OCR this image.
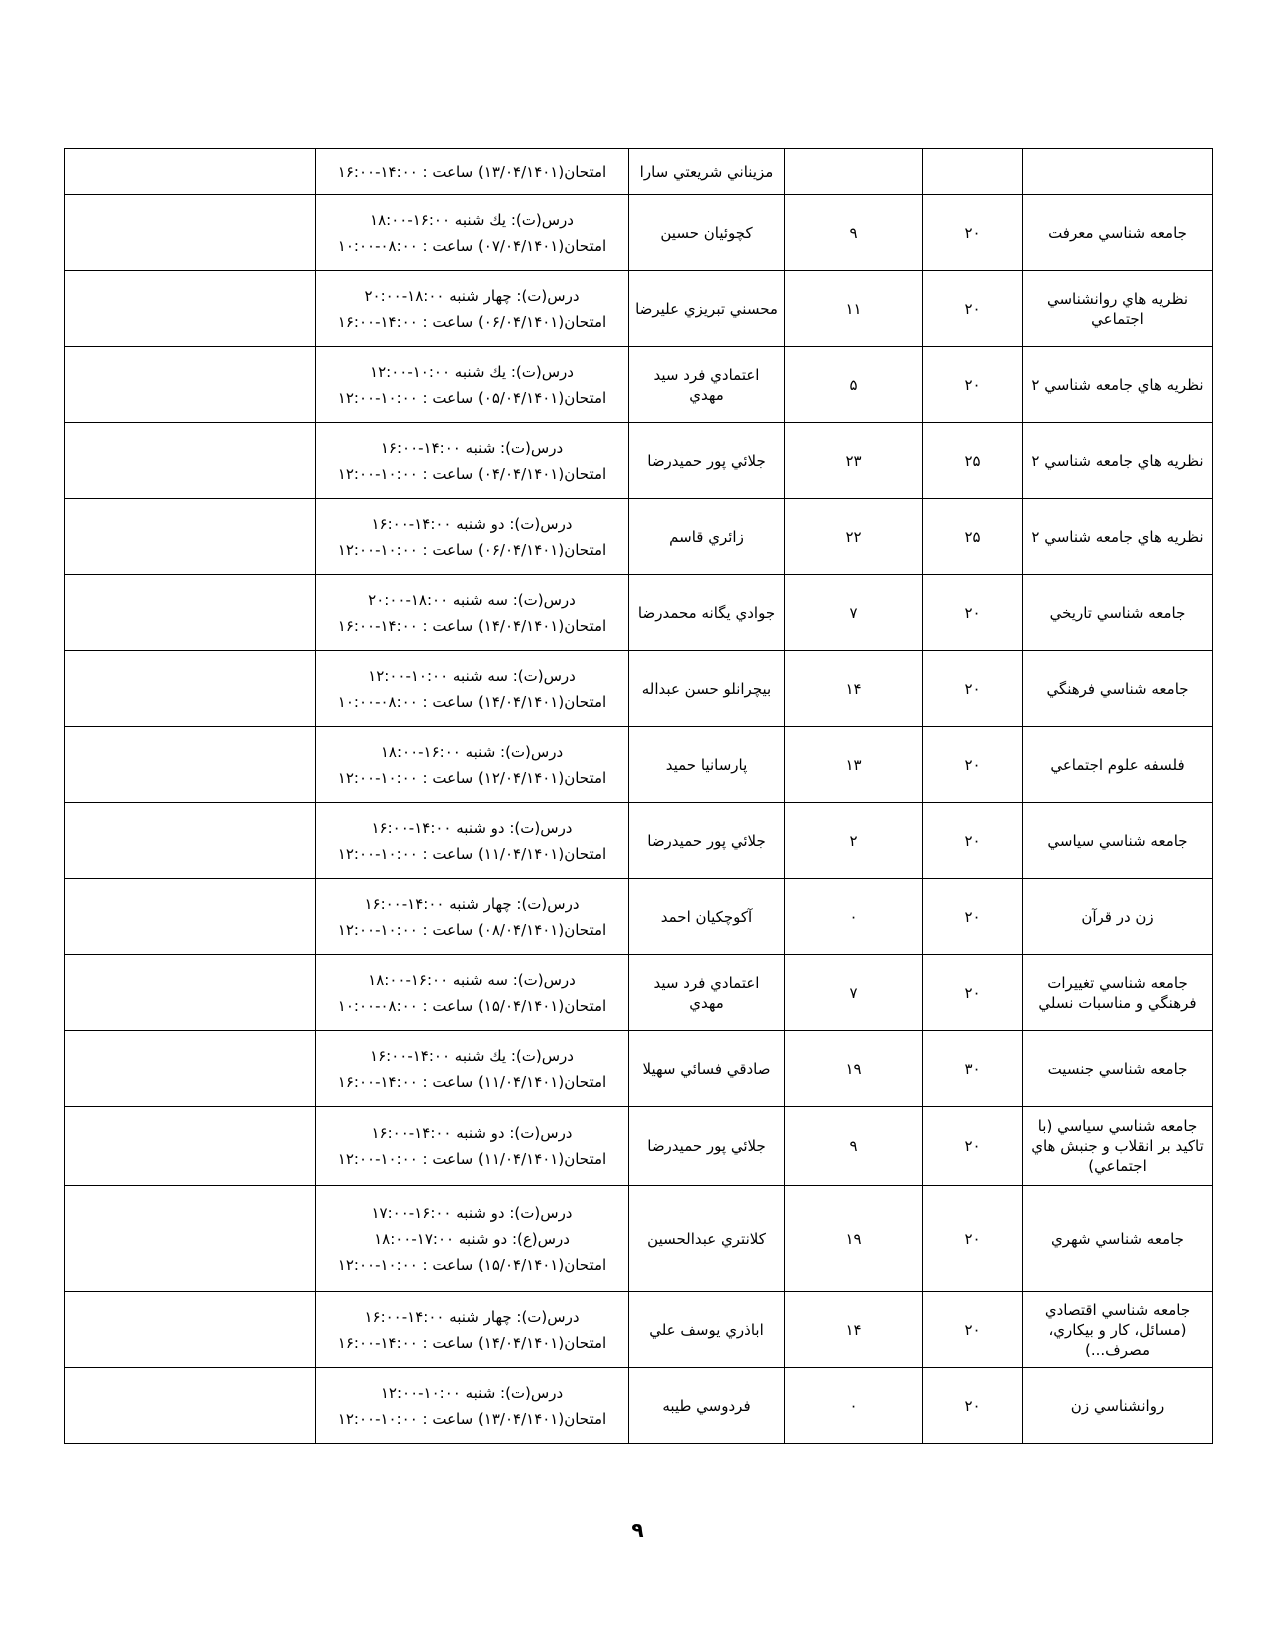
			مزيناني شريعتي سارا	امتحان(۱۳/۰۴/۱۴۰۱) ساعت : ۱۴:۰۰-۱۶:۰۰	

جامعه شناسي معرفت	۲۰	۹	كچوئيان حسين	درس(ت): يك شنبه ۱۶:۰۰-۱۸:۰۰
امتحان(۰۷/۰۴/۱۴۰۱) ساعت : ۰۸:۰۰-۱۰:۰۰	

نظريه هاي روانشناسي اجتماعي	۲۰	۱۱	محسني تبريزي عليرضا	درس(ت): چهار شنبه ۱۸:۰۰-۲۰:۰۰
امتحان(۰۶/۰۴/۱۴۰۱) ساعت : ۱۴:۰۰-۱۶:۰۰	

نظريه هاي جامعه شناسي ۲	۲۰	۵	اعتمادي فرد سيد مهدي	درس(ت): يك شنبه ۱۰:۰۰-۱۲:۰۰
امتحان(۰۵/۰۴/۱۴۰۱) ساعت : ۱۰:۰۰-۱۲:۰۰	

نظريه هاي جامعه شناسي ۲	۲۵	۲۳	جلائي پور حميدرضا	درس(ت): شنبه ۱۴:۰۰-۱۶:۰۰
امتحان(۰۴/۰۴/۱۴۰۱) ساعت : ۱۰:۰۰-۱۲:۰۰	

نظريه هاي جامعه شناسي ۲	۲۵	۲۲	زائري قاسم	درس(ت): دو شنبه ۱۴:۰۰-۱۶:۰۰
امتحان(۰۶/۰۴/۱۴۰۱) ساعت : ۱۰:۰۰-۱۲:۰۰	

جامعه شناسي تاريخي	۲۰	۷	جوادي يگانه محمدرضا	درس(ت): سه شنبه ۱۸:۰۰-۲۰:۰۰
امتحان(۱۴/۰۴/۱۴۰۱) ساعت : ۱۴:۰۰-۱۶:۰۰	

جامعه شناسي فرهنگي	۲۰	۱۴	بيچرانلو حسن عبداله	درس(ت): سه شنبه ۱۰:۰۰-۱۲:۰۰
امتحان(۱۴/۰۴/۱۴۰۱) ساعت : ۰۸:۰۰-۱۰:۰۰	

فلسفه علوم اجتماعي	۲۰	۱۳	پارسانيا حميد	درس(ت): شنبه ۱۶:۰۰-۱۸:۰۰
امتحان(۱۲/۰۴/۱۴۰۱) ساعت : ۱۰:۰۰-۱۲:۰۰	

جامعه شناسي سياسي	۲۰	۲	جلائي پور حميدرضا	درس(ت): دو شنبه ۱۴:۰۰-۱۶:۰۰
امتحان(۱۱/۰۴/۱۴۰۱) ساعت : ۱۰:۰۰-۱۲:۰۰	

زن در قرآن	۲۰	۰	آكوچكيان احمد	درس(ت): چهار شنبه ۱۴:۰۰-۱۶:۰۰
امتحان(۰۸/۰۴/۱۴۰۱) ساعت : ۱۰:۰۰-۱۲:۰۰	

جامعه شناسي تغييرات فرهنگي و مناسبات نسلي	۲۰	۷	اعتمادي فرد سيد مهدي	درس(ت): سه شنبه ۱۶:۰۰-۱۸:۰۰
امتحان(۱۵/۰۴/۱۴۰۱) ساعت : ۰۸:۰۰-۱۰:۰۰	

جامعه شناسي جنسيت	۳۰	۱۹	صادقي فسائي سهيلا	درس(ت): يك شنبه ۱۴:۰۰-۱۶:۰۰
امتحان(۱۱/۰۴/۱۴۰۱) ساعت : ۱۴:۰۰-۱۶:۰۰	

جامعه شناسي سياسي (با تاكيد بر انقلاب و جنبش هاي اجتماعي)	۲۰	۹	جلائي پور حميدرضا	درس(ت): دو شنبه ۱۴:۰۰-۱۶:۰۰
امتحان(۱۱/۰۴/۱۴۰۱) ساعت : ۱۰:۰۰-۱۲:۰۰	

جامعه شناسي شهري	۲۰	۱۹	كلانتري عبدالحسين	درس(ت): دو شنبه ۱۶:۰۰-۱۷:۰۰
درس(ع): دو شنبه ۱۷:۰۰-۱۸:۰۰
امتحان(۱۵/۰۴/۱۴۰۱) ساعت : ۱۰:۰۰-۱۲:۰۰	

جامعه شناسي اقتصادي (مسائل، كار و بيكاري، مصرف...)	۲۰	۱۴	اباذري يوسف علي	درس(ت): چهار شنبه ۱۴:۰۰-۱۶:۰۰
امتحان(۱۴/۰۴/۱۴۰۱) ساعت : ۱۴:۰۰-۱۶:۰۰	

روانشناسي زن	۲۰	۰	فردوسي طيبه	درس(ت): شنبه ۱۰:۰۰-۱۲:۰۰
امتحان(۱۳/۰۴/۱۴۰۱) ساعت : ۱۰:۰۰-۱۲:۰۰	

۹
